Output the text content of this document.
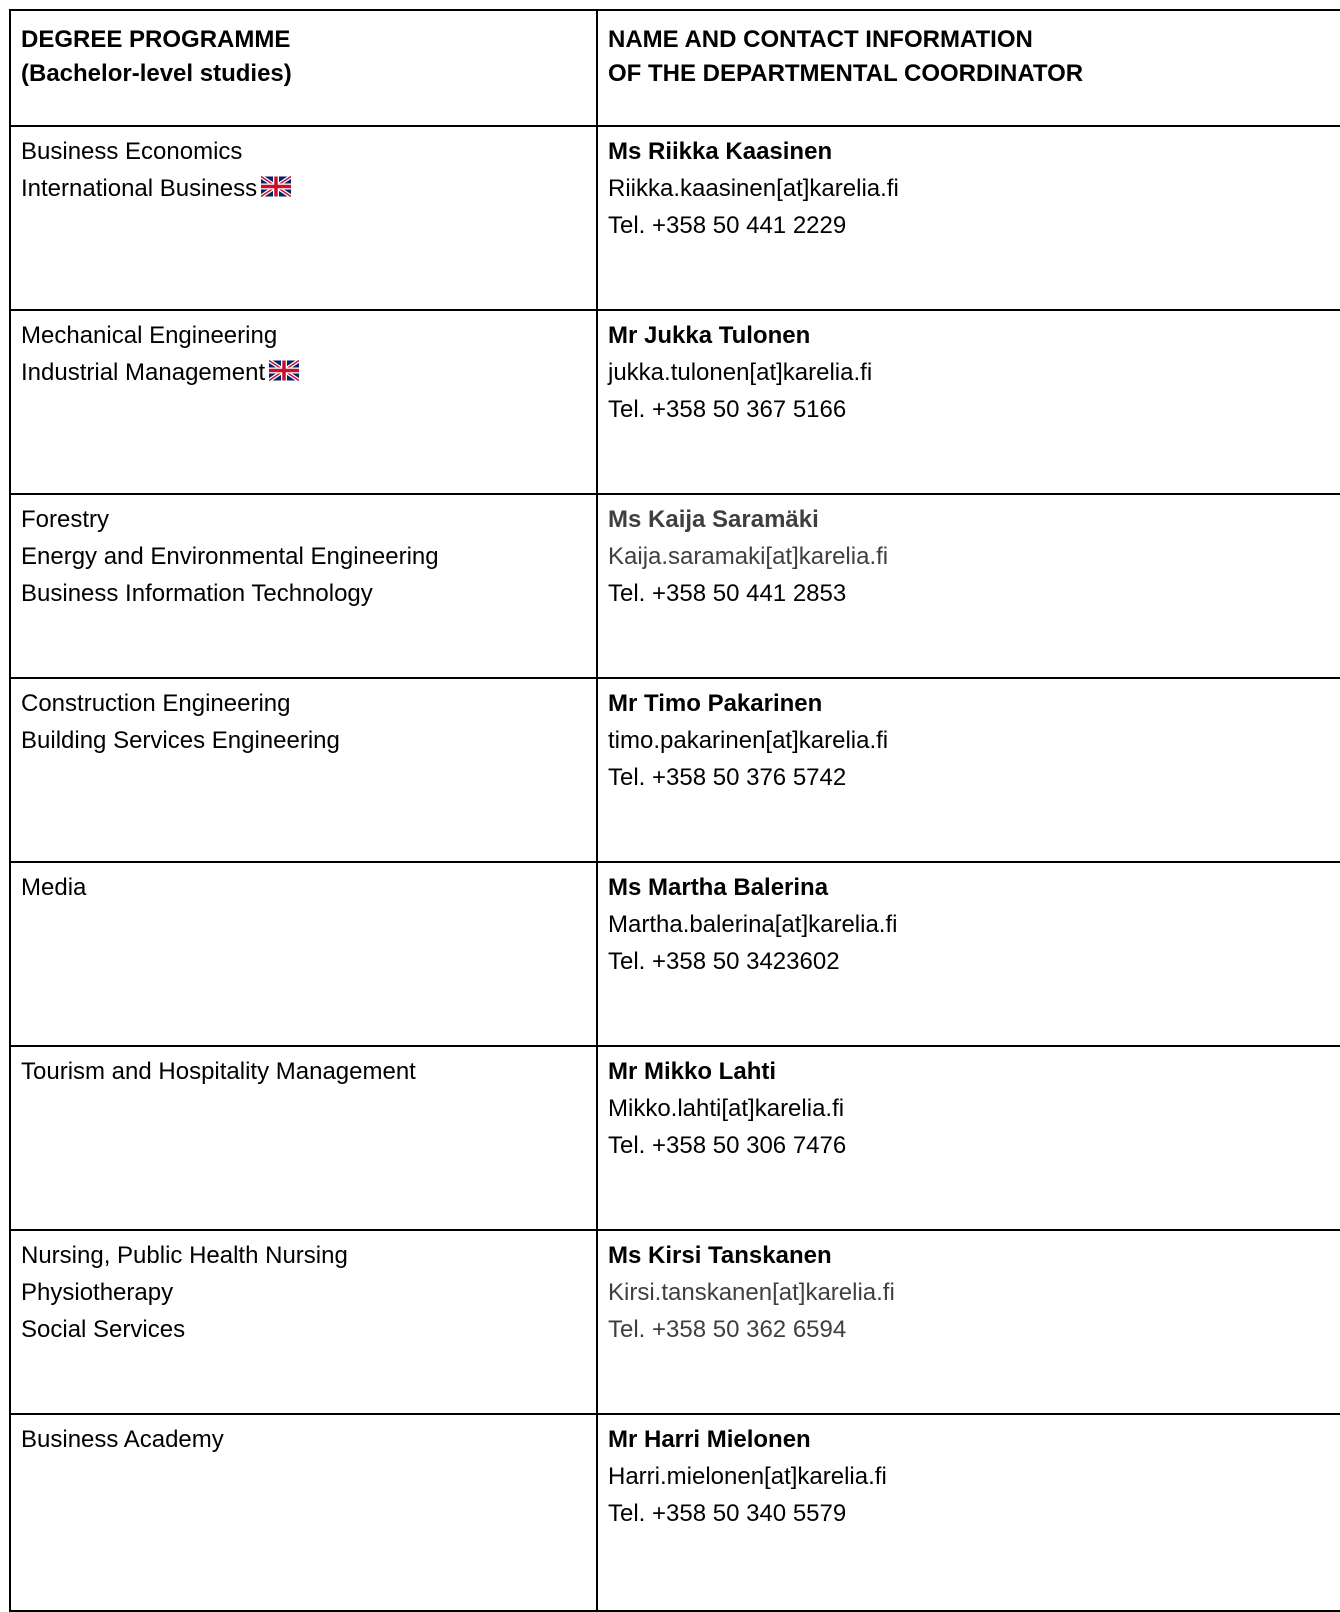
DEGREE PROGRAMME
(Bachelor-level studies)	NAME AND CONTACT INFORMATION
OF THE DEPARTMENTAL COORDINATOR

Business Economics
International Business	Ms Riikka Kaasinen
Riikka.kaasinen[at]karelia.fi
Tel. +358 50 441 2229

Mechanical Engineering
Industrial Management	Mr Jukka Tulonen
jukka.tulonen[at]karelia.fi
Tel. +358 50 367 5166

Forestry
Energy and Environmental Engineering
Business Information Technology	Ms Kaija Saramäki
Kaija.saramaki[at]karelia.fi
Tel. +358 50 441 2853

Construction Engineering
Building Services Engineering	Mr Timo Pakarinen
timo.pakarinen[at]karelia.fi
Tel. +358 50 376 5742

Media	Ms Martha Balerina
Martha.balerina[at]karelia.fi
Tel. +358 50 3423602

Tourism and Hospitality Management	Mr Mikko Lahti
Mikko.lahti[at]karelia.fi
Tel. +358 50 306 7476

Nursing, Public Health Nursing
Physiotherapy
Social Services	Ms Kirsi Tanskanen
Kirsi.tanskanen[at]karelia.fi
Tel. +358 50 362 6594

Business Academy	Mr Harri Mielonen
Harri.mielonen[at]karelia.fi
Tel. +358 50 340 5579
